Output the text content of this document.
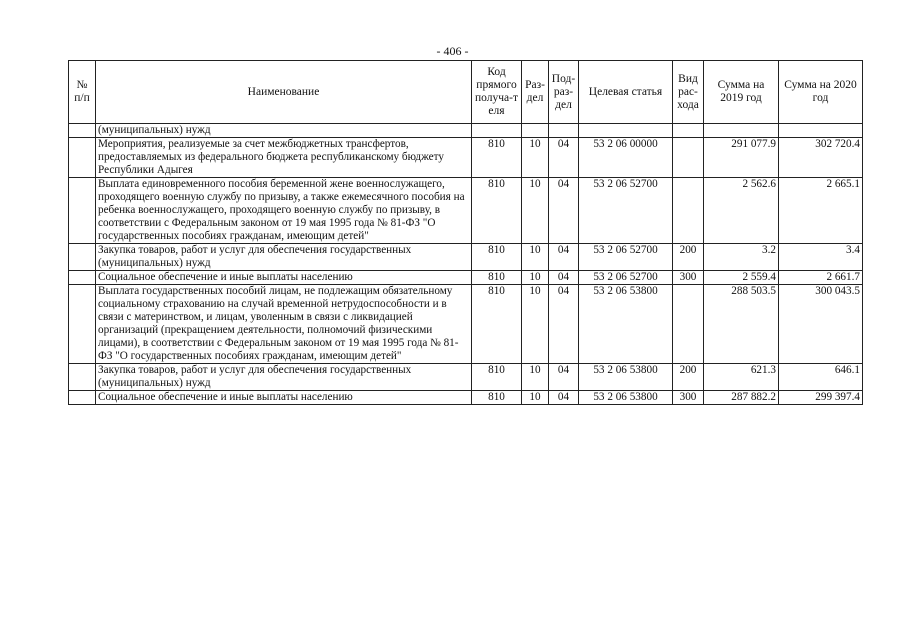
- 406 -
№ п/п	Наименование	Код прямого получа-т еля	Раз-дел	Под-раз-дел	Целевая статья	Вид рас-хода	Сумма на 2019 год	Сумма на 2020 год
	(муниципальных) нужд							
	Мероприятия, реализуемые за счет межбюджетных трансфертов, предоставляемых из федерального бюджета республиканскому бюджету Республики Адыгея	810	10	04	53 2 06 00000		291 077.9	302 720.4
	Выплата единовременного пособия беременной жене военнослужащего, проходящего военную службу по призыву, а также ежемесячного пособия на ребенка военнослужащего, проходящего военную службу по призыву, в соответствии с Федеральным законом от 19 мая 1995 года № 81-ФЗ "О государственных пособиях гражданам, имеющим детей"	810	10	04	53 2 06 52700		2 562.6	2 665.1
	Закупка товаров, работ и услуг для обеспечения государственных (муниципальных) нужд	810	10	04	53 2 06 52700	200	3.2	3.4
	Социальное обеспечение и иные выплаты населению	810	10	04	53 2 06 52700	300	2 559.4	2 661.7
	Выплата государственных пособий лицам, не подлежащим обязательному социальному страхованию на случай временной нетрудоспособности и в связи с материнством, и лицам, уволенным в связи с ликвидацией организаций (прекращением деятельности, полномочий физическими лицами), в соответствии с Федеральным законом от 19 мая 1995 года № 81-ФЗ "О государственных пособиях гражданам, имеющим детей"	810	10	04	53 2 06 53800		288 503.5	300 043.5
	Закупка товаров, работ и услуг для обеспечения государственных (муниципальных) нужд	810	10	04	53 2 06 53800	200	621.3	646.1
	Социальное обеспечение и иные выплаты населению	810	10	04	53 2 06 53800	300	287 882.2	299 397.4
